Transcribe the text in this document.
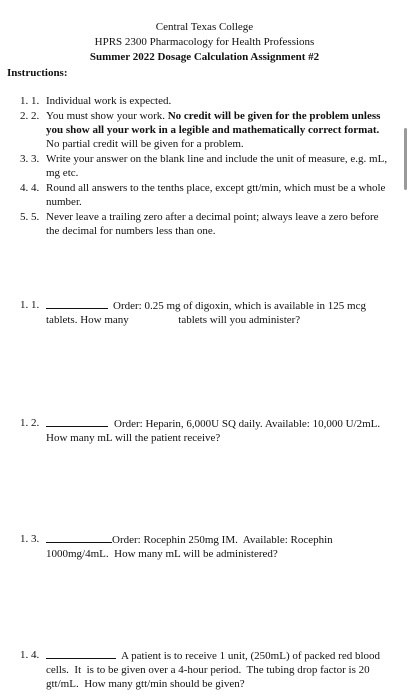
Central Texas College
HPRS 2300 Pharmacology for Health Professions
Summer 2022 Dosage Calculation Assignment #2
Instructions:
1. 1. Individual work is expected.
2. 2. You must show your work. No credit will be given for the problem unless you show all your work in a legible and mathematically correct format. No partial credit will be given for a problem.
3. 3. Write your answer on the blank line and include the unit of measure, e.g. mL, mg etc.
4. 4. Round all answers to the tenths place, except gtt/min, which must be a whole number.
5. 5. Never leave a trailing zero after a decimal point; always leave a zero before the decimal for numbers less than one.
1. 1.	Order: 0.25 mg of digoxin, which is available in 125 mcg tablets. How many                  tablets will you administer?
1. 2.	Order: Heparin, 6,000U SQ daily. Available: 10,000 U/2mL. How many mL will the patient receive?
1. 3.	Order: Rocephin 250mg IM.  Available: Rocephin 1000mg/4mL.  How many mL will be administered?
1. 4.	A patient is to receive 1 unit, (250mL) of packed red blood cells.  It  is to be given over a 4-hour period.  The tubing drop factor is 20 gtt/mL.  How many gtt/min should be given?
